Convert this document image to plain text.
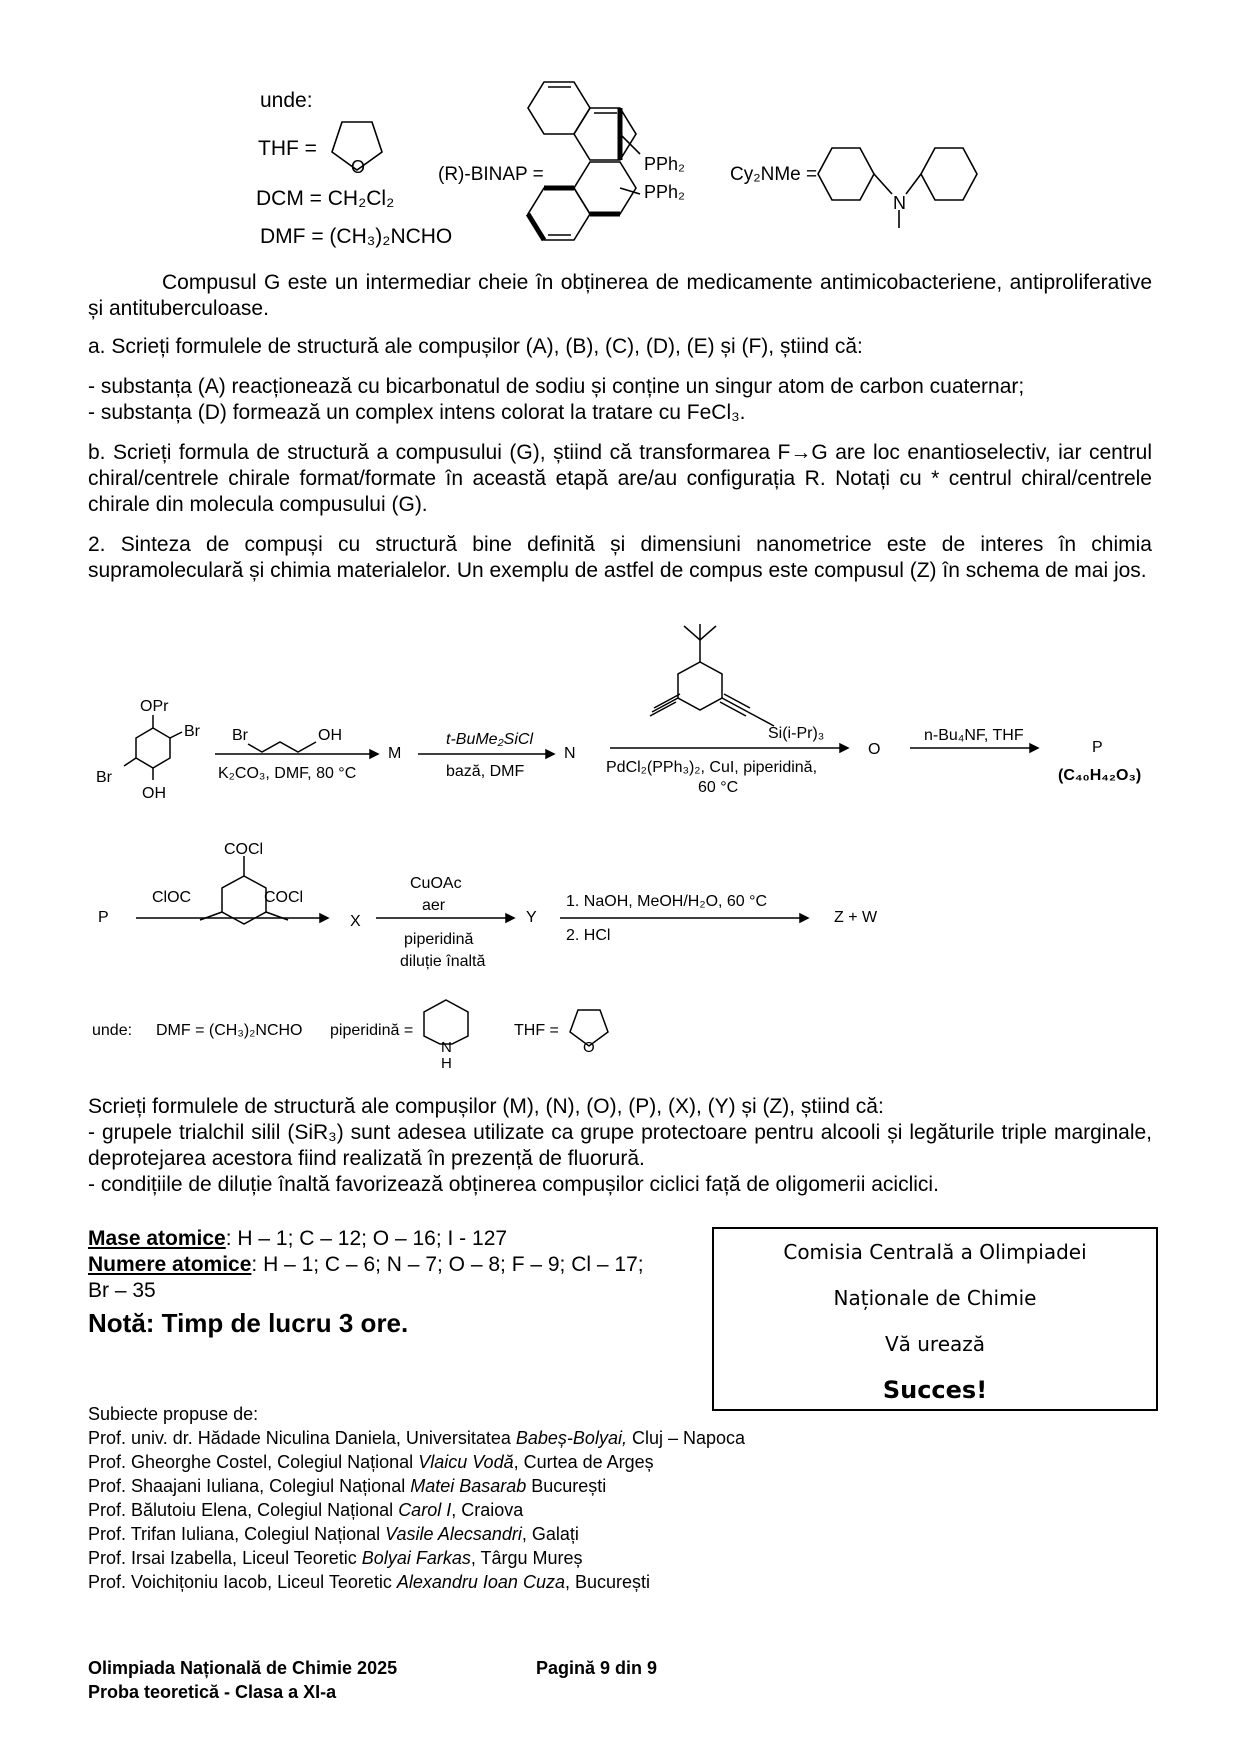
unde:
THF =
DCM = CH₂Cl₂
DMF = (CH₃)₂NCHO
O	(R)-BINAP =	PPh₂
PPh₂
Cy₂NMe =
N
Compusul G este un intermediar cheie în obținerea de medicamente antimicobacteriene, antiproliferative și antituberculoase.
a. Scrieți formulele de structură ale compușilor (A), (B), (C), (D), (E) și (F), știind că:
- substanța (A) reacționează cu bicarbonatul de sodiu și conține un singur atom de carbon cuaternar;
- substanța (D) formează un complex intens colorat la tratare cu FeCl₃.
b. Scrieți formula de structură a compusului (G), știind că transformarea F→G are loc enantioselectiv, iar centrul chiral/centrele chirale format/formate în această etapă are/au configurația R. Notați cu * centrul chiral/centrele chirale din molecula compusului (G).
2. Sinteza de compuși cu structură bine definită și dimensiuni nanometrice este de interes în chimia supramoleculară și chimia materialelor. Un exemplu de astfel de compus este compusul (Z) în schema de mai jos.
OPr
Br
Br
OH
Br	OH
K₂CO₃, DMF, 80 °C
M
t-BuMe₂SiCl
bază, DMF
N
Si(i-Pr)₃
PdCl₂(PPh₃)₂, CuI, piperidină,
60 °C
O
n-Bu₄NF, THF
P
(C₄₀H₄₂O₃)
P
COCl
ClOC	COCl
X
CuOAc
aer
piperidină
diluție înaltă
Y
1. NaOH, MeOH/H₂O, 60 °C
2. HCl
Z + W
unde: DMF = (CH₃)₂NCHO piperidină =
N
H
THF =
O
Scrieți formulele de structură ale compușilor (M), (N), (O), (P), (X), (Y) și (Z), știind că:
- grupele trialchil silil (SiR₃) sunt adesea utilizate ca grupe protectoare pentru alcooli și legăturile triple marginale, deprotejarea acestora fiind realizată în prezență de fluorură.
- condițiile de diluție înaltă favorizează obținerea compușilor ciclici față de oligomerii aciclici.
Mase atomice: H – 1; C – 12; O – 16; I - 127
Numere atomice: H – 1; C – 6; N – 7; O – 8; F – 9; Cl – 17;
Br – 35
Notă: Timp de lucru 3 ore.
Comisia Centrală a Olimpiadei
Naționale de Chimie
Vă urează
Succes!
Subiecte propuse de:
Prof. univ. dr. Hădade Niculina Daniela, Universitatea Babeș-Bolyai, Cluj – Napoca
Prof. Gheorghe Costel, Colegiul Național Vlaicu Vodă, Curtea de Argeș
Prof. Shaajani Iuliana, Colegiul Național Matei Basarab București
Prof. Bălutoiu Elena, Colegiul Național Carol I, Craiova
Prof. Trifan Iuliana, Colegiul Național Vasile Alecsandri, Galați
Prof. Irsai Izabella, Liceul Teoretic Bolyai Farkas, Târgu Mureș
Prof. Voichițoniu Iacob, Liceul Teoretic Alexandru Ioan Cuza, București
Olimpiada Națională de Chimie 2025
Proba teoretică - Clasa a XI-a
Pagină 9 din 9
